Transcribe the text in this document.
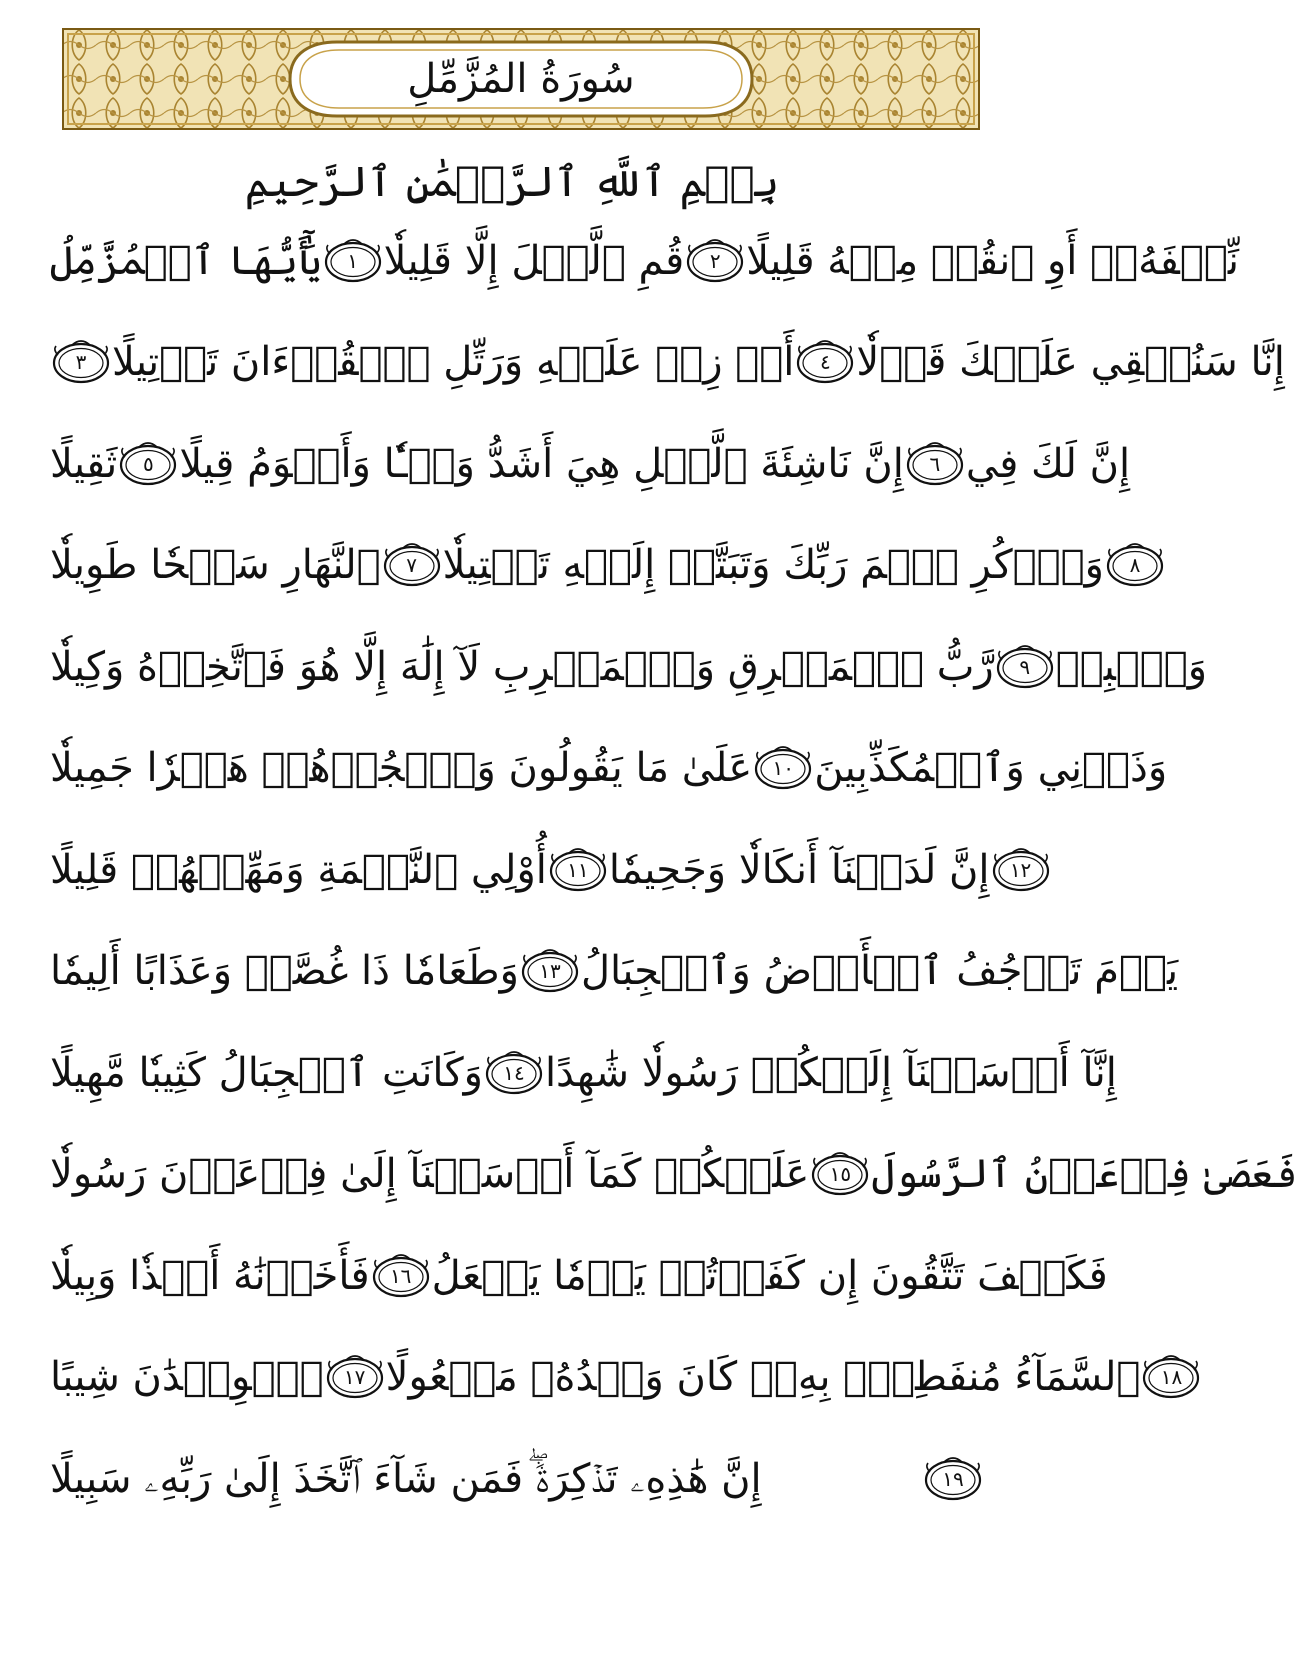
سُورَةُ المُزَّمِّلِ
بِسۡمِ ٱللَّهِ ٱلرَّحۡمَٰنِ ٱلرَّحِيمِ
يَٰٓأَيُّهَا ٱلۡمُزَّمِّلُ ١ قُمِ ٱلَّيۡلَ إِلَّا قَلِيلٗا ٢ نِّصۡفَهُۥٓ أَوِ ٱنقُصۡ مِنۡهُ قَلِيلًا
٣ أَوۡ زِدۡ عَلَيۡهِ وَرَتِّلِ ٱلۡقُرۡءَانَ تَرۡتِيلًا ٤ إِنَّا سَنُلۡقِي عَلَيۡكَ قَوۡلٗا
ثَقِيلًا ٥ إِنَّ نَاشِئَةَ ٱلَّيۡلِ هِيَ أَشَدُّ وَطۡـٔٗا وَأَقۡوَمُ قِيلًا ٦ إِنَّ لَكَ فِي
ٱلنَّهَارِ سَبۡحٗا طَوِيلٗا ٧ وَٱذۡكُرِ ٱسۡمَ رَبِّكَ وَتَبَتَّلۡ إِلَيۡهِ تَبۡتِيلٗا ٨
رَّبُّ ٱلۡمَشۡرِقِ وَٱلۡمَغۡرِبِ لَآ إِلَٰهَ إِلَّا هُوَ فَٱتَّخِذۡهُ وَكِيلٗا ٩ وَٱصۡبِرۡ
عَلَىٰ مَا يَقُولُونَ وَٱهۡجُرۡهُمۡ هَجۡرٗا جَمِيلٗا ١٠ وَذَرۡنِي وَٱلۡمُكَذِّبِينَ
أُوْلِي ٱلنَّعۡمَةِ وَمَهِّلۡهُمۡ قَلِيلًا ١١ إِنَّ لَدَيۡنَآ أَنكَالٗا وَجَحِيمٗا ١٢
وَطَعَامٗا ذَا غُصَّةٖ وَعَذَابًا أَلِيمٗا ١٣ يَوۡمَ تَرۡجُفُ ٱلۡأَرۡضُ وَٱلۡجِبَالُ
وَكَانَتِ ٱلۡجِبَالُ كَثِيبٗا مَّهِيلًا ١٤ إِنَّآ أَرۡسَلۡنَآ إِلَيۡكُمۡ رَسُولٗا شَٰهِدًا
عَلَيۡكُمۡ كَمَآ أَرۡسَلۡنَآ إِلَىٰ فِرۡعَوۡنَ رَسُولٗا ١٥ فَعَصَىٰ فِرۡعَوۡنُ ٱلرَّسُولَ
فَأَخَذۡنَٰهُ أَخۡذٗا وَبِيلٗا ١٦ فَكَيۡفَ تَتَّقُونَ إِن كَفَرۡتُمۡ يَوۡمٗا يَجۡعَلُ
ٱلۡوِلۡدَٰنَ شِيبًا ١٧ ٱلسَّمَآءُ مُنفَطِرُۢ بِهِۦۚ كَانَ وَعۡدُهُۥ مَفۡعُولًا ١٨
إِنَّ هَٰذِهِۦ تَذۡكِرَةٞۖ فَمَن شَآءَ ٱتَّخَذَ إِلَىٰ رَبِّهِۦ سَبِيلًا	١٩
